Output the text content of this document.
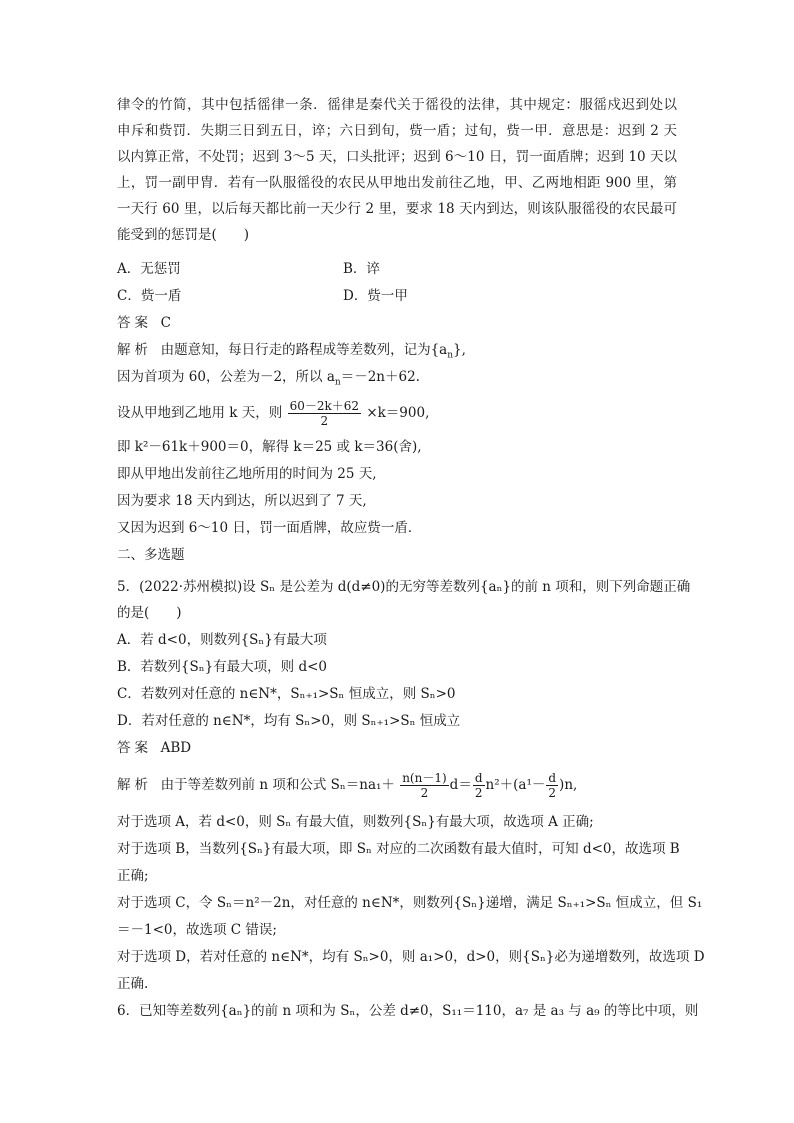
律令的竹简，其中包括徭律一条．徭律是秦代关于徭役的法律，其中规定：服徭戍迟到处以
申斥和赀罚．失期三日到五日，谇；六日到旬，赀一盾；过旬，赀一甲．意思是：迟到 2 天
以内算正常，不处罚；迟到 3～5 天，口头批评；迟到 6～10 日，罚一面盾牌；迟到 10 天以
上，罚一副甲胄．若有一队服徭役的农民从甲地出发前往乙地，甲、乙两地相距 900 里，第
一天行 60 里，以后每天都比前一天少行 2 里，要求 18 天内到达，则该队服徭役的农民最可
能受到的惩罚是(　　)
A．无惩罚	B．谇
C．赀一盾	D．赀一甲
答案 C
解析 由题意知，每日行走的路程成等差数列，记为$\{a_n\}$,
因为首项为 60，公差为－2，所以 $a_n=-2n+62$.
设从甲地到乙地用 k 天，则 $\frac{60-2k+62}{2} \times k=900$,
即 k²－61k＋900＝0，解得 k＝25 或 k＝36(舍),
即从甲地出发前往乙地所用的时间为 25 天,
因为要求 18 天内到达，所以迟到了 7 天,
又因为迟到 6～10 日，罚一面盾牌，故应赀一盾．
二、多选题
5．(2022·苏州模拟)设 Sₙ 是公差为 d(d≠0)的无穷等差数列{aₙ}的前 n 项和，则下列命题正确
的是(　　)
A．若 d<0，则数列{Sₙ}有最大项
B．若数列{Sₙ}有最大项，则 d<0
C．若数列对任意的 n∈N*，Sₙ₊₁>Sₙ 恒成立，则 Sₙ>0
D．若对任意的 n∈N*，均有 Sₙ>0，则 Sₙ₊₁>Sₙ 恒成立
答案 ABD
解析 由于等差数列前 n 项和公式 $S_n=na_1+ \frac{n(n-1)}{2} d= \frac{d}{2} n^2+(a^1- \frac{d}{2} )n$,
对于选项 A，若 d<0，则 Sₙ 有最大值，则数列{Sₙ}有最大项，故选项 A 正确;
对于选项 B，当数列{Sₙ}有最大项，即 Sₙ 对应的二次函数有最大值时，可知 d<0，故选项 B
正确;
对于选项 C，令 Sₙ＝n²－2n，对任意的 n∈N*，则数列{Sₙ}递增，满足 Sₙ₊₁>Sₙ 恒成立，但 S₁
＝－1<0，故选项 C 错误;
对于选项 D，若对任意的 n∈N*，均有 Sₙ>0，则 a₁>0，d>0，则{Sₙ}必为递增数列，故选项 D
正确.
6．已知等差数列{aₙ}的前 n 项和为 Sₙ，公差 d≠0，S₁₁＝110，a₇ 是 a₃ 与 a₉ 的等比中项，则
